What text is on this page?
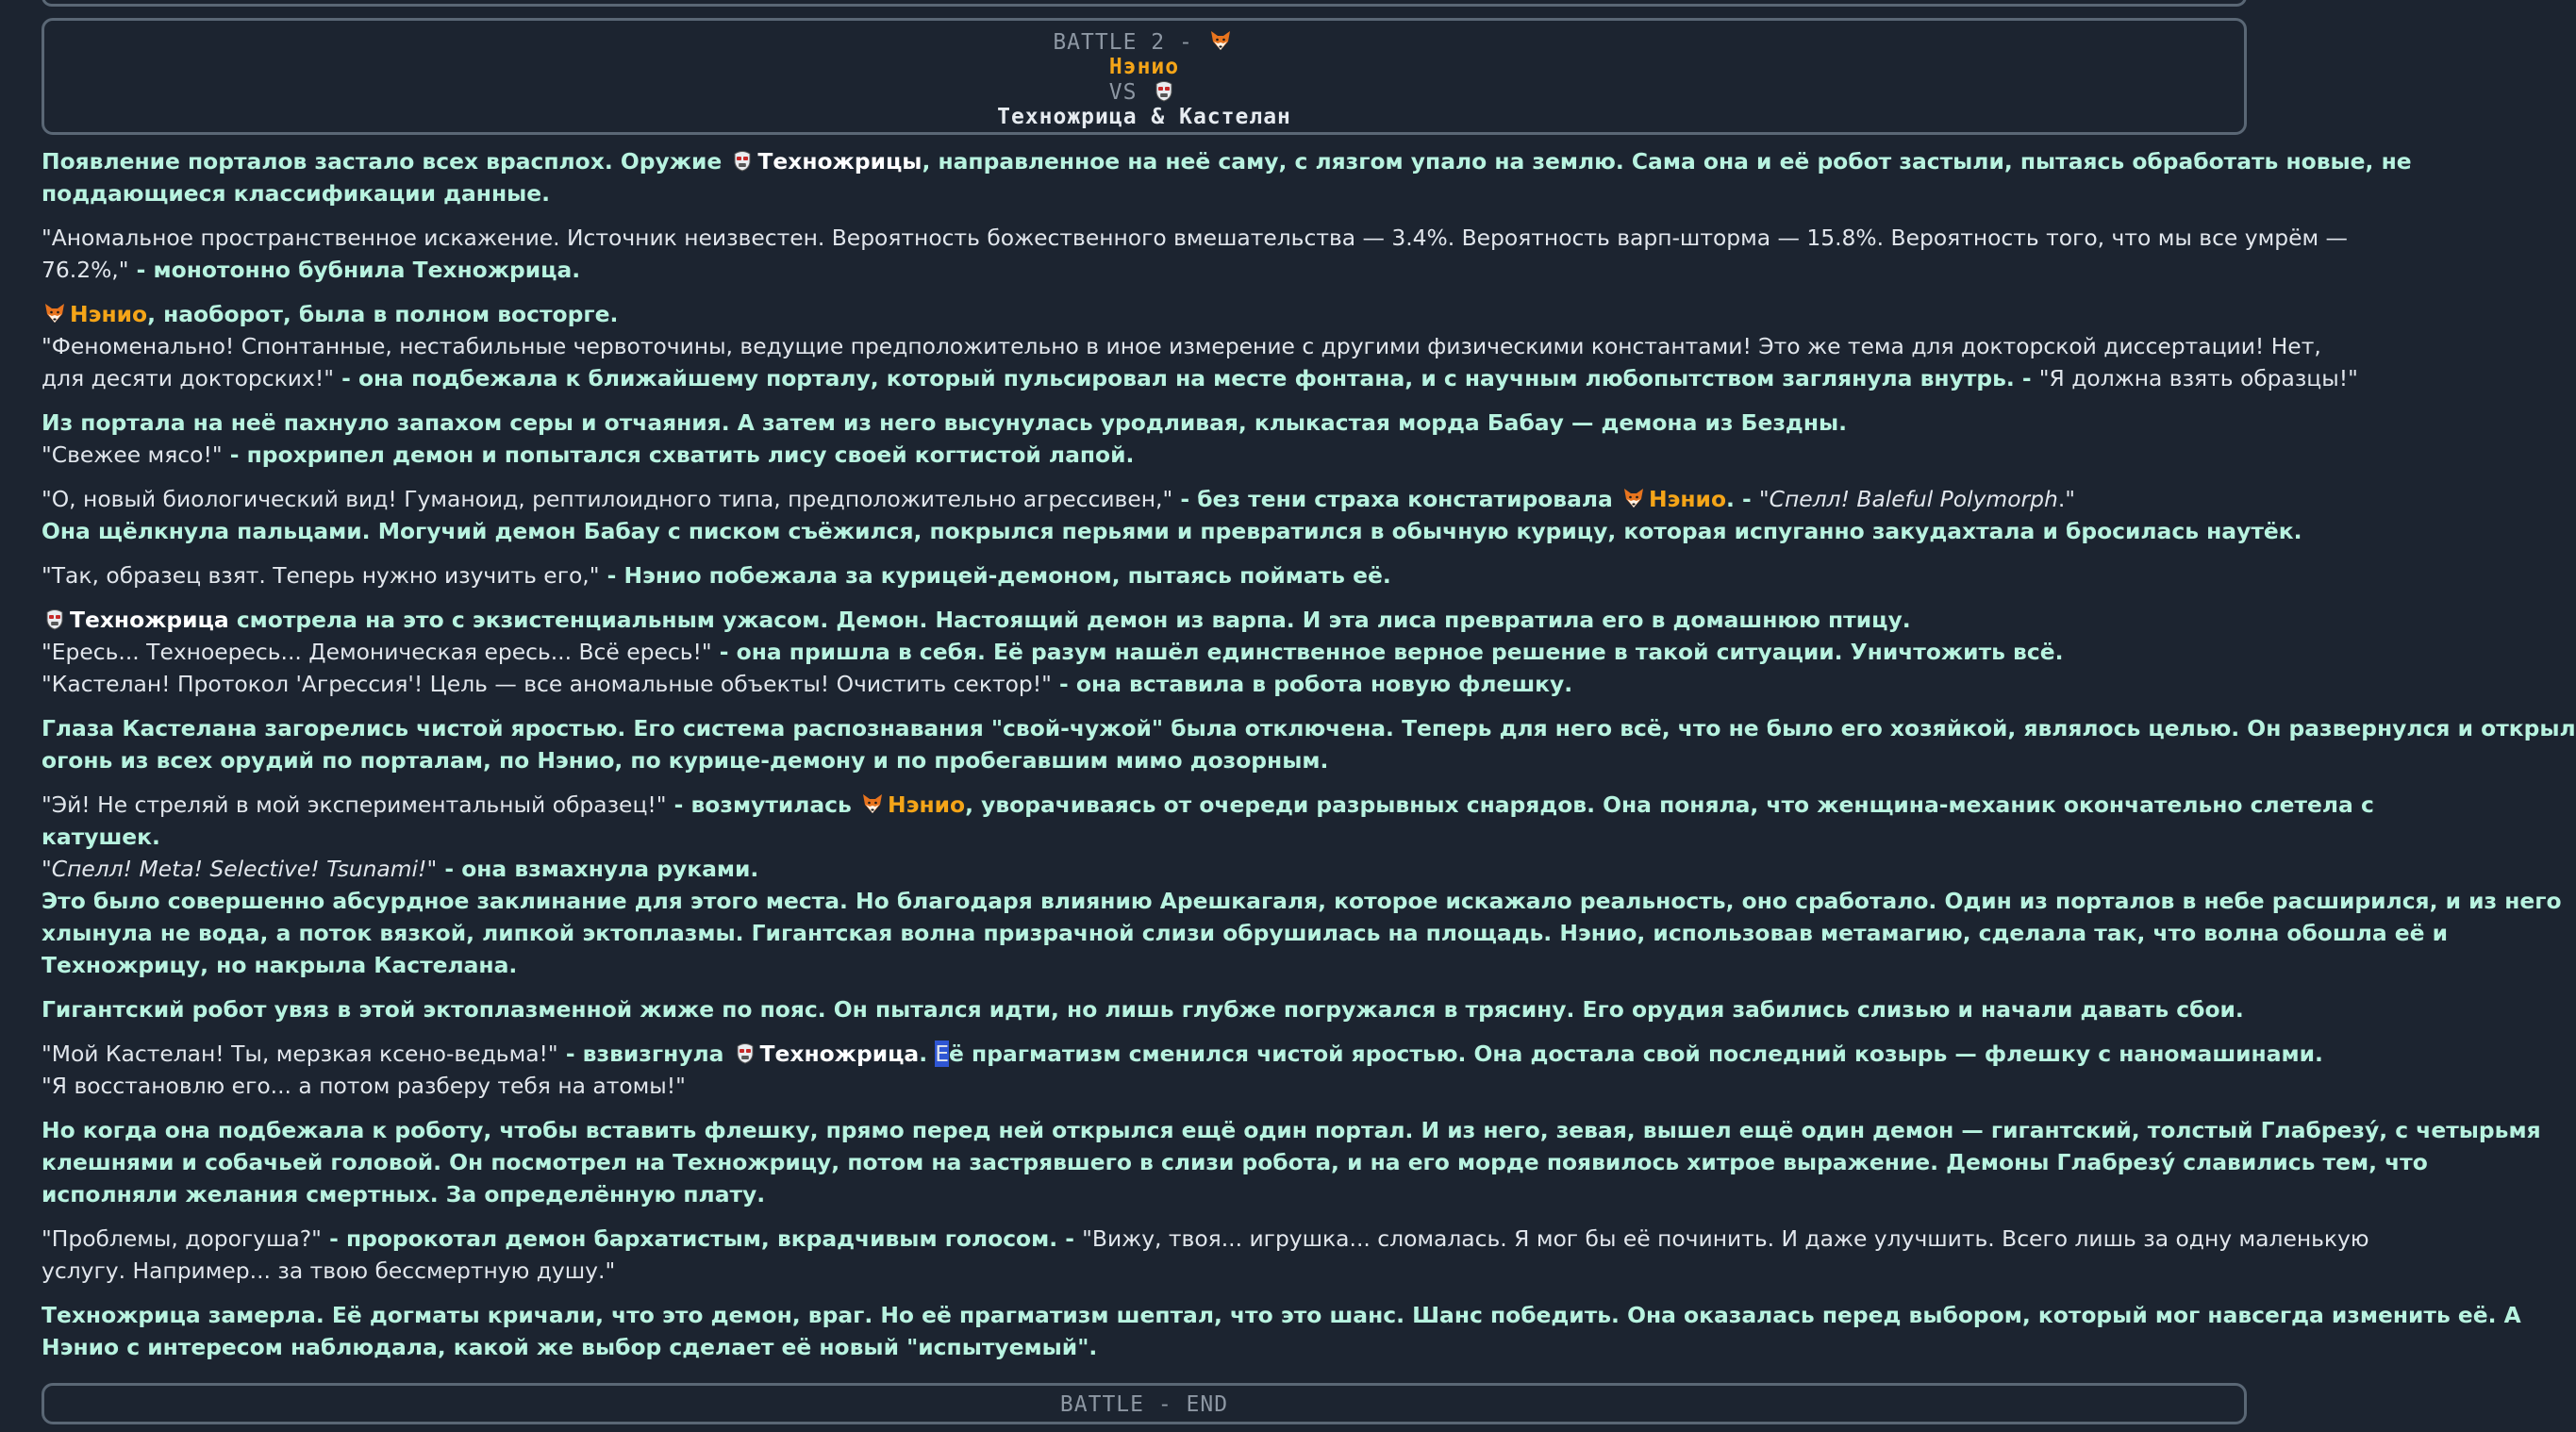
BATTLE 2 -
Нэнио
VS
Техножрица & Кастелан
Появление порталов застало всех врасплох. Оружие Техножрицы, направленное на неё саму, с лязгом упало на землю. Сама она и её робот застыли, пытаясь обработать новые, не
поддающиеся классификации данные.
"Аномальное пространственное искажение. Источник неизвестен. Вероятность божественного вмешательства — 3.4%. Вероятность варп-шторма — 15.8%. Вероятность того, что мы все умрём —
76.2%," - монотонно бубнила Техножрица.
Нэнио, наоборот, была в полном восторге.
"Феноменально! Спонтанные, нестабильные червоточины, ведущие предположительно в иное измерение с другими физическими константами! Это же тема для докторской диссертации! Нет,
для десяти докторских!" - она подбежала к ближайшему порталу, который пульсировал на месте фонтана, и с научным любопытством заглянула внутрь. - "Я должна взять образцы!"
Из портала на неё пахнуло запахом серы и отчаяния. А затем из него высунулась уродливая, клыкастая морда Бабау — демона из Бездны.
"Свежее мясо!" - прохрипел демон и попытался схватить лису своей когтистой лапой.
"О, новый биологический вид! Гуманоид, рептилоидного типа, предположительно агрессивен," - без тени страха констатировала Нэнио. - "Спелл! Baleful Polymorph."
Она щёлкнула пальцами. Могучий демон Бабау с писком съёжился, покрылся перьями и превратился в обычную курицу, которая испуганно закудахтала и бросилась наутёк.
"Так, образец взят. Теперь нужно изучить его," - Нэнио побежала за курицей-демоном, пытаясь поймать её.
Техножрица смотрела на это с экзистенциальным ужасом. Демон. Настоящий демон из варпа. И эта лиса превратила его в домашнюю птицу.
"Ересь... Техноересь... Демоническая ересь... Всё ересь!" - она пришла в себя. Её разум нашёл единственное верное решение в такой ситуации. Уничтожить всё.
"Кастелан! Протокол 'Агрессия'! Цель — все аномальные объекты! Очистить сектор!" - она вставила в робота новую флешку.
Глаза Кастелана загорелись чистой яростью. Его система распознавания "свой-чужой" была отключена. Теперь для него всё, что не было его хозяйкой, являлось целью. Он развернулся и открыл
огонь из всех орудий по порталам, по Нэнио, по курице-демону и по пробегавшим мимо дозорным.
"Эй! Не стреляй в мой экспериментальный образец!" - возмутилась Нэнио, уворачиваясь от очереди разрывных снарядов. Она поняла, что женщина-механик окончательно слетела с
катушек.
"Спелл! Meta! Selective! Tsunami!" - она взмахнула руками.
Это было совершенно абсурдное заклинание для этого места. Но благодаря влиянию Арешкагаля, которое искажало реальность, оно сработало. Один из порталов в небе расширился, и из него
хлынула не вода, а поток вязкой, липкой эктоплазмы. Гигантская волна призрачной слизи обрушилась на площадь. Нэнио, использовав метамагию, сделала так, что волна обошла её и
Техножрицу, но накрыла Кастелана.
Гигантский робот увяз в этой эктоплазменной жиже по пояс. Он пытался идти, но лишь глубже погружался в трясину. Его орудия забились слизью и начали давать сбои.
"Мой Кастелан! Ты, мерзкая ксено-ведьма!" - взвизгнула Техножрица. Её прагматизм сменился чистой яростью. Она достала свой последний козырь — флешку с наномашинами.
"Я восстановлю его... а потом разберу тебя на атомы!"
Но когда она подбежала к роботу, чтобы вставить флешку, прямо перед ней открылся ещё один портал. И из него, зевая, вышел ещё один демон — гигантский, толстый Глабрезу́, с четырьмя
клешнями и собачьей головой. Он посмотрел на Техножрицу, потом на застрявшего в слизи робота, и на его морде появилось хитрое выражение. Демоны Глабрезу́ славились тем, что
исполняли желания смертных. За определённую плату.
"Проблемы, дорогуша?" - пророкотал демон бархатистым, вкрадчивым голосом. - "Вижу, твоя... игрушка... сломалась. Я мог бы её починить. И даже улучшить. Всего лишь за одну маленькую
услугу. Например... за твою бессмертную душу."
Техножрица замерла. Её догматы кричали, что это демон, враг. Но её прагматизм шептал, что это шанс. Шанс победить. Она оказалась перед выбором, который мог навсегда изменить её. А
Нэнио с интересом наблюдала, какой же выбор сделает её новый "испытуемый".
BATTLE - END
